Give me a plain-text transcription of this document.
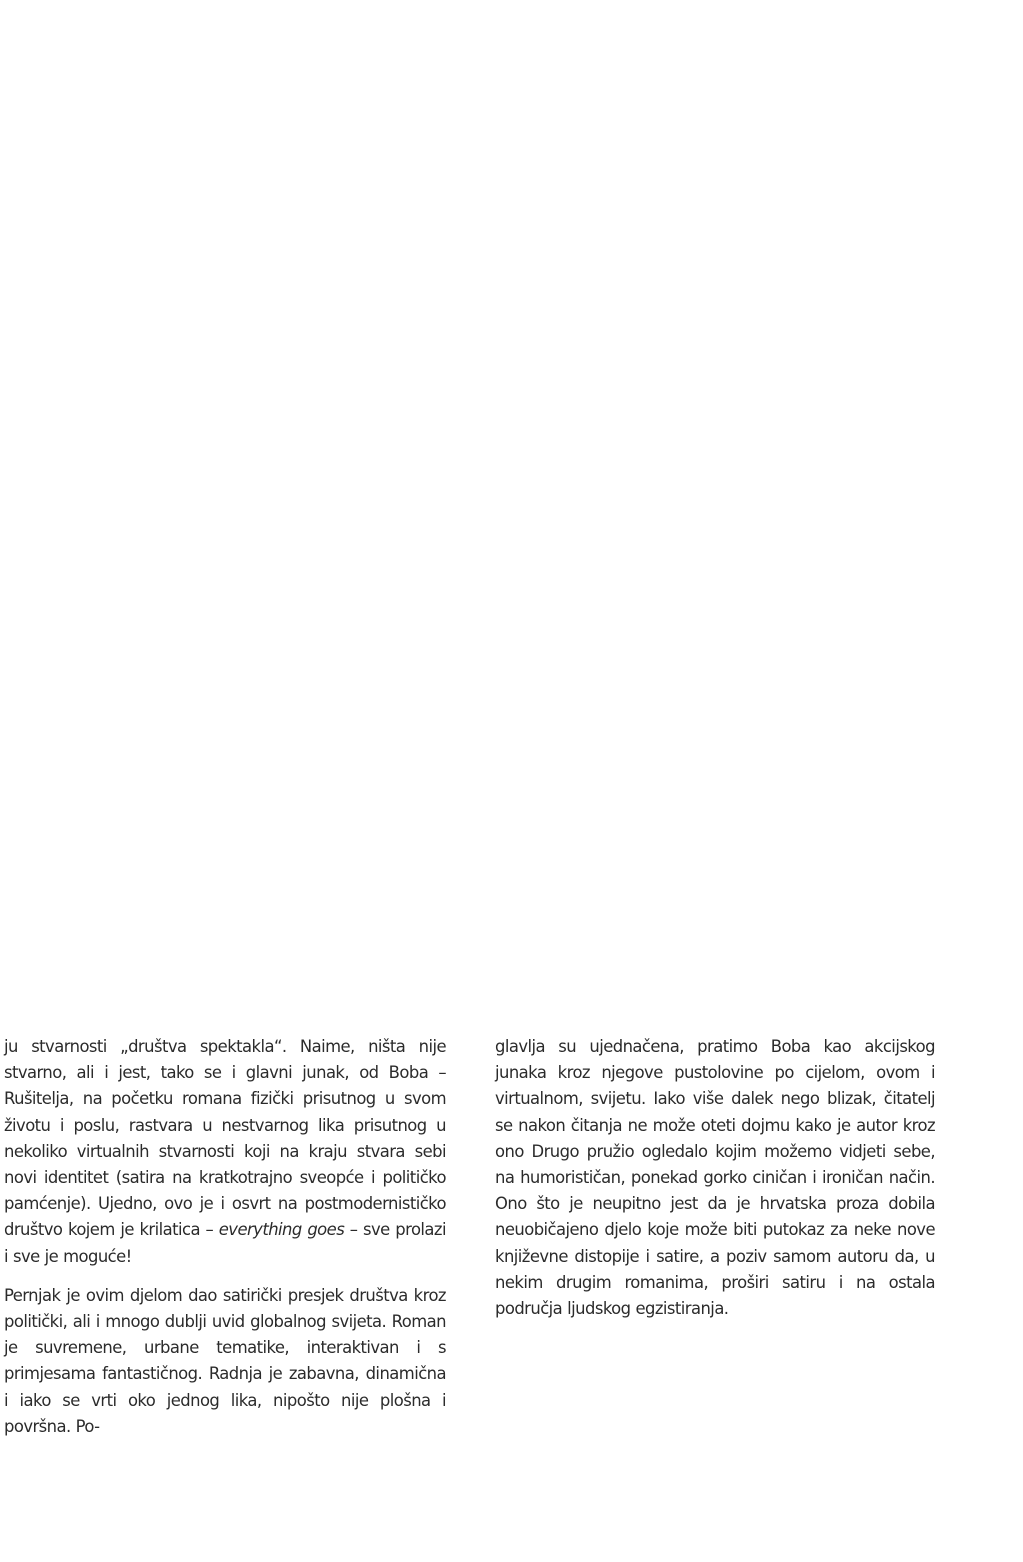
ju stvarnosti „društva spektakla“. Naime, ništa nije stvarno, ali i jest, tako se i glavni junak, od Boba – Rušitelja, na početku romana fizički prisutnog u svom životu i poslu, rastvara u nestvarnog lika prisutnog u nekoliko virtualnih stvarnosti koji na kraju stvara sebi novi identitet (satira na kratkotrajno sveopće i političko pamćenje). Ujedno, ovo je i osvrt na postmodernističko društvo kojem je krilatica – everything goes – sve prolazi i sve je moguće!

Pernjak je ovim djelom dao satirički presjek društva kroz politički, ali i mnogo dublji uvid globalnog svijeta. Roman je suvremene, urbane tematike, interaktivan i s primjesama fantastičnog. Radnja je zabavna, dinamična i iako se vrti oko jednog lika, nipošto nije plošna i površna. Po-

glavlja su ujednačena, pratimo Boba kao akcijskog junaka kroz njegove pustolovine po cijelom, ovom i virtualnom, svijetu. Iako više dalek nego blizak, čitatelj se nakon čitanja ne može oteti dojmu kako je autor kroz ono Drugo pružio ogledalo kojim možemo vidjeti sebe, na humorističan, ponekad gorko ciničan i ironičan način. Ono što je neupitno jest da je hrvatska proza dobila neuobičajeno djelo koje može biti putokaz za neke nove književne distopije i satire, a poziv samom autoru da, u nekim drugim romanima, proširi satiru i na ostala područja ljudskog egzistiranja.
